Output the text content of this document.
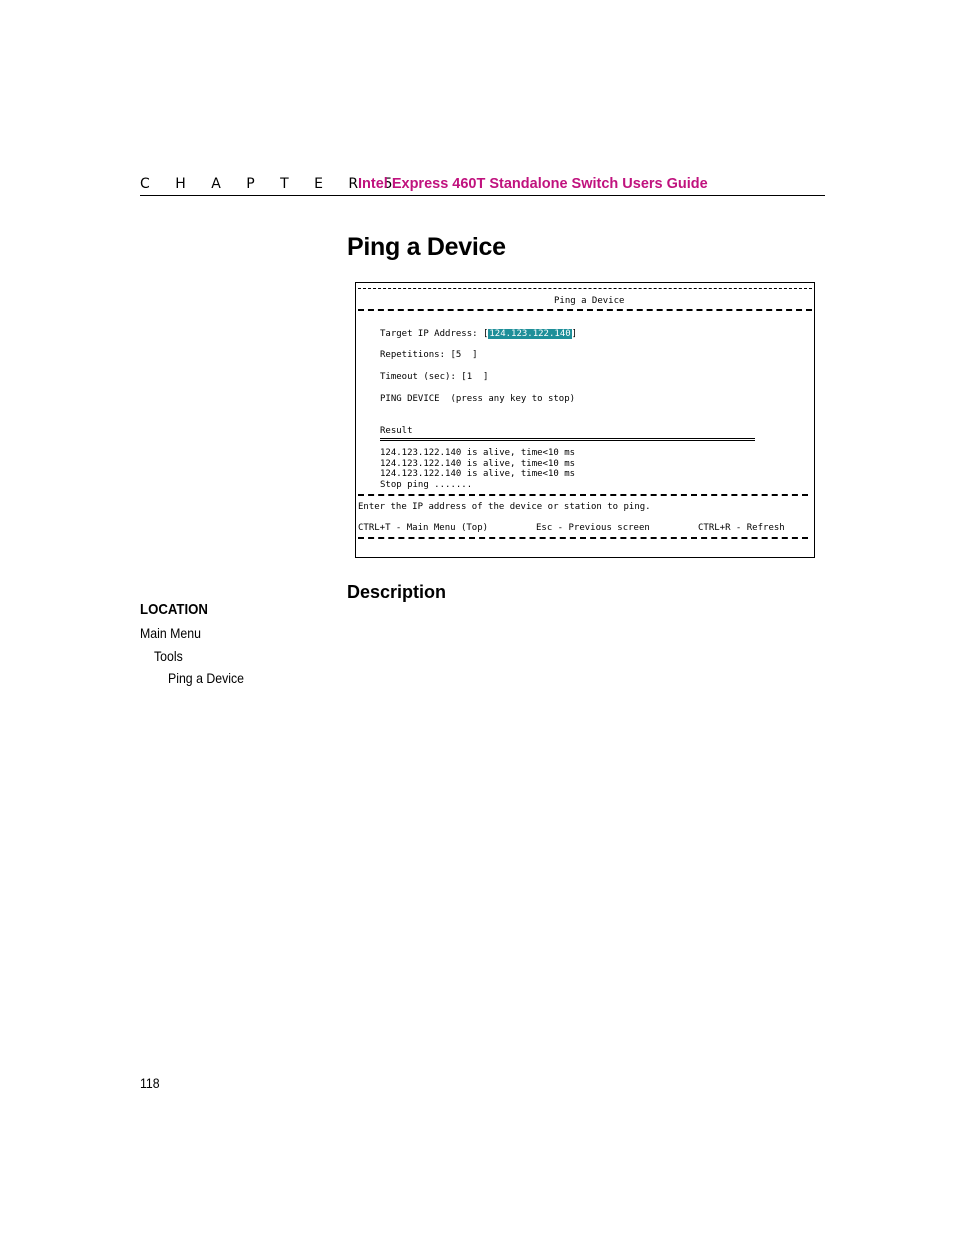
C H A P T E R 5
Intel Express 460T Standalone Switch Users Guide
Ping a Device
Ping a Device
Target IP Address: [124.123.122.140]
Repetitions: [5  ]
Timeout (sec): [1  ]
PING DEVICE  (press any key to stop)
Result
124.123.122.140 is alive, time<10 ms
124.123.122.140 is alive, time<10 ms
124.123.122.140 is alive, time<10 ms
Stop ping .......
Enter the IP address of the device or station to ping.
CTRL+T - Main Menu (Top)	Esc - Previous screen	CTRL+R - Refresh
Description
LOCATION
Main Menu
Tools
Ping a Device
118
